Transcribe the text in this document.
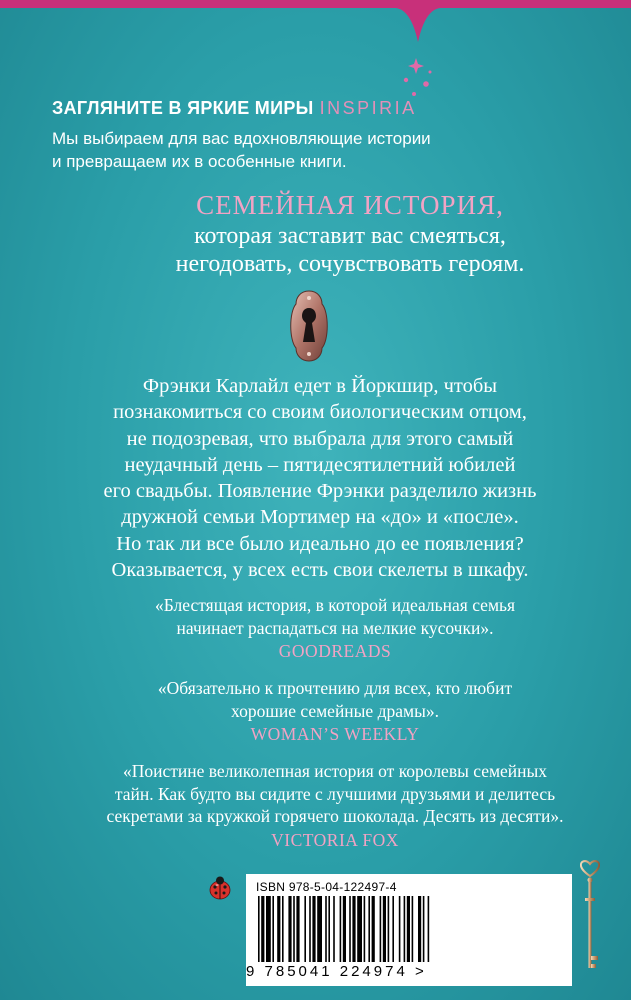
ЗАГЛЯНИТЕ В ЯРКИЕ МИРЫ INSPIRIA
Мы выбираем для вас вдохновляющие истории
и превращаем их в особенные книги.
СЕМЕЙНАЯ ИСТОРИЯ,
которая заставит вас смеяться,
негодовать, сочувствовать героям.
Фрэнки Карлайл едет в Йоркшир, чтобы
познакомиться со своим биологическим отцом,
не подозревая, что выбрала для этого самый
неудачный день – пятидесятилетний юбилей
его свадьбы. Появление Фрэнки разделило жизнь
дружной семьи Мортимер на «до» и «после».
Но так ли все было идеально до ее появления?
Оказывается, у всех есть свои скелеты в шкафу.
«Блестящая история, в которой идеальная семья
начинает распадаться на мелкие кусочки».
GOODREADS
«Обязательно к прочтению для всех, кто любит
хорошие семейные драмы».
WOMAN’S WEEKLY
«Поистине великолепная история от королевы семейных
тайн. Как будто вы сидите с лучшими друзьями и делитесь
секретами за кружкой горячего шоколада. Десять из десяти».
VICTORIA FOX
ISBN 978-5-04-122497-4
9 785041 224974 >
